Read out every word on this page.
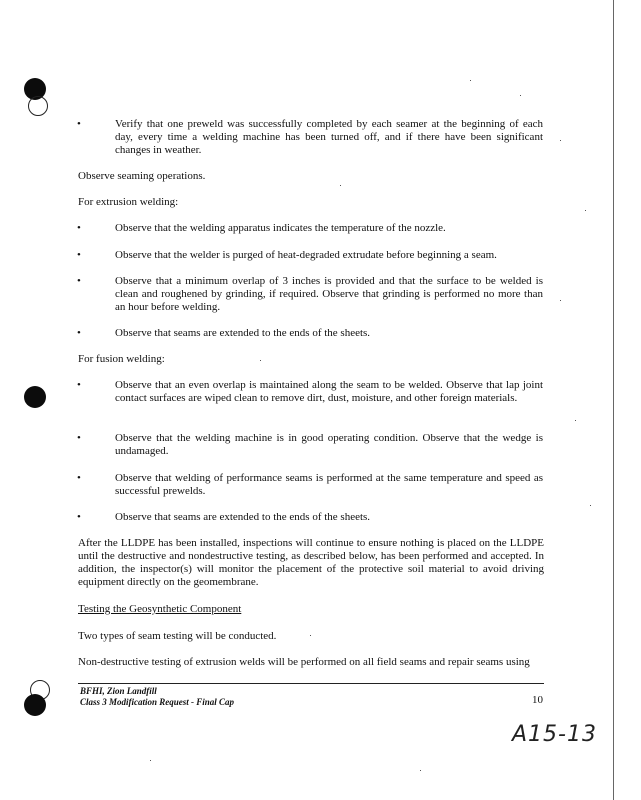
•	Verify that one preweld was successfully completed by each seamer at the beginning of each day, every time a welding machine has been turned off, and if there have been significant changes in weather.
Observe seaming operations.
For extrusion welding:
•	Observe that the welding apparatus indicates the temperature of the nozzle.
•	Observe that the welder is purged of heat-degraded extrudate before beginning a seam.
•	Observe that a minimum overlap of 3 inches is provided and that the surface to be welded is clean and roughened by grinding, if required. Observe that grinding is performed no more than an hour before welding.
•	Observe that seams are extended to the ends of the sheets.
For fusion welding:
•	Observe that an even overlap is maintained along the seam to be welded. Observe that lap joint contact surfaces are wiped clean to remove dirt, dust, moisture, and other foreign materials.
•	Observe that the welding machine is in good operating condition. Observe that the wedge is undamaged.
•	Observe that welding of performance seams is performed at the same temperature and speed as successful prewelds.
•	Observe that seams are extended to the ends of the sheets.
After the LLDPE has been installed, inspections will continue to ensure nothing is placed on the LLDPE until the destructive and nondestructive testing, as described below, has been performed and accepted. In addition, the inspector(s) will monitor the placement of the protective soil material to avoid driving equipment directly on the geomembrane.
Testing the Geosynthetic Component
Two types of seam testing will be conducted.
Non-destructive testing of extrusion welds will be performed on all field seams and repair seams using
BFHI, Zion Landfill
Class 3 Modification Request - Final Cap	10
A15-13
